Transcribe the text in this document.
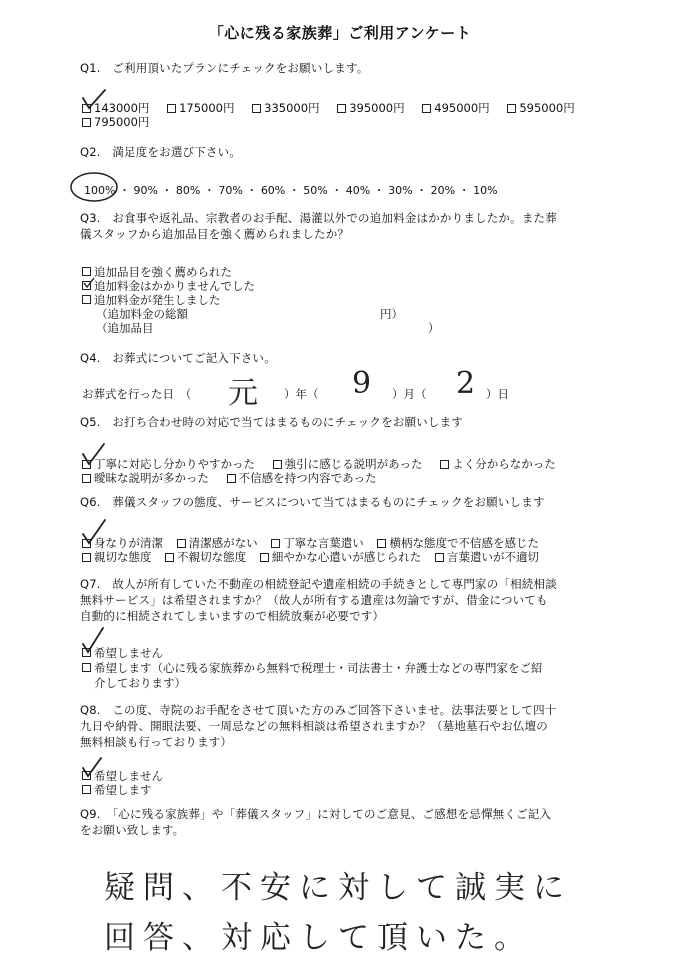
「心に残る家族葬」ご利用アンケート
Q1.　ご利用頂いたプランにチェックをお願いします。
143000円
	175000円
	335000円
	395000円
	495000円
	595000円
795000円
Q2.　満足度をお選び下さい。
100% ・ 90% ・ 80% ・ 70% ・ 60% ・ 50% ・ 40% ・ 30% ・ 20% ・ 10%
Q3.　お食事や返礼品、宗教者のお手配、湯灌以外での追加料金はかかりましたか。また葬
儀スタッフから追加品目を強く薦められましたか？
追加品目を強く薦められた
追加料金はかかりませんでした
追加料金が発生しました
（追加料金の総額	円）
（追加品目	）
Q4.　お葬式についてご記入下さい。
お葬式を行った日　（ 元 ）年（ 9 ）月（ 2 ）日
Q5.　お打ち合わせ時の対応で当てはまるものにチェックをお願いします
丁寧に対応し分かりやすかった
	強引に感じる説明があった
	よく分からなかった
曖昧な説明が多かった
	不信感を持つ内容であった
Q6.　葬儀スタッフの態度、サービスについて当てはまるものにチェックをお願いします
身なりが清潔
清潔感がない
丁寧な言葉遣い
横柄な態度で不信感を感じた
親切な態度
不親切な態度
細やかな心遣いが感じられた
言葉遣いが不適切
Q7.　故人が所有していた不動産の相続登記や遺産相続の手続きとして専門家の「相続相談
無料サービス」は希望されますか？（故人が所有する遺産は勿論ですが、借金についても
自動的に相続されてしまいますので相続放棄が必要です）
希望しません
希望します（心に残る家族葬から無料で税理士・司法書士・弁護士などの専門家をご紹
介しております）
Q8.　この度、寺院のお手配をさせて頂いた方のみご回答下さいませ。法事法要として四十
九日や納骨、開眼法要、一周忌などの無料相談は希望されますか？（墓地墓石やお仏壇の
無料相談も行っております）
希望しません
希望します
Q9.　「心に残る家族葬」や「葬儀スタッフ」に対してのご意見、ご感想を忌憚無くご記入
をお願い致します。
疑問、不安に対して誠実に
回答、対応して頂いた。
